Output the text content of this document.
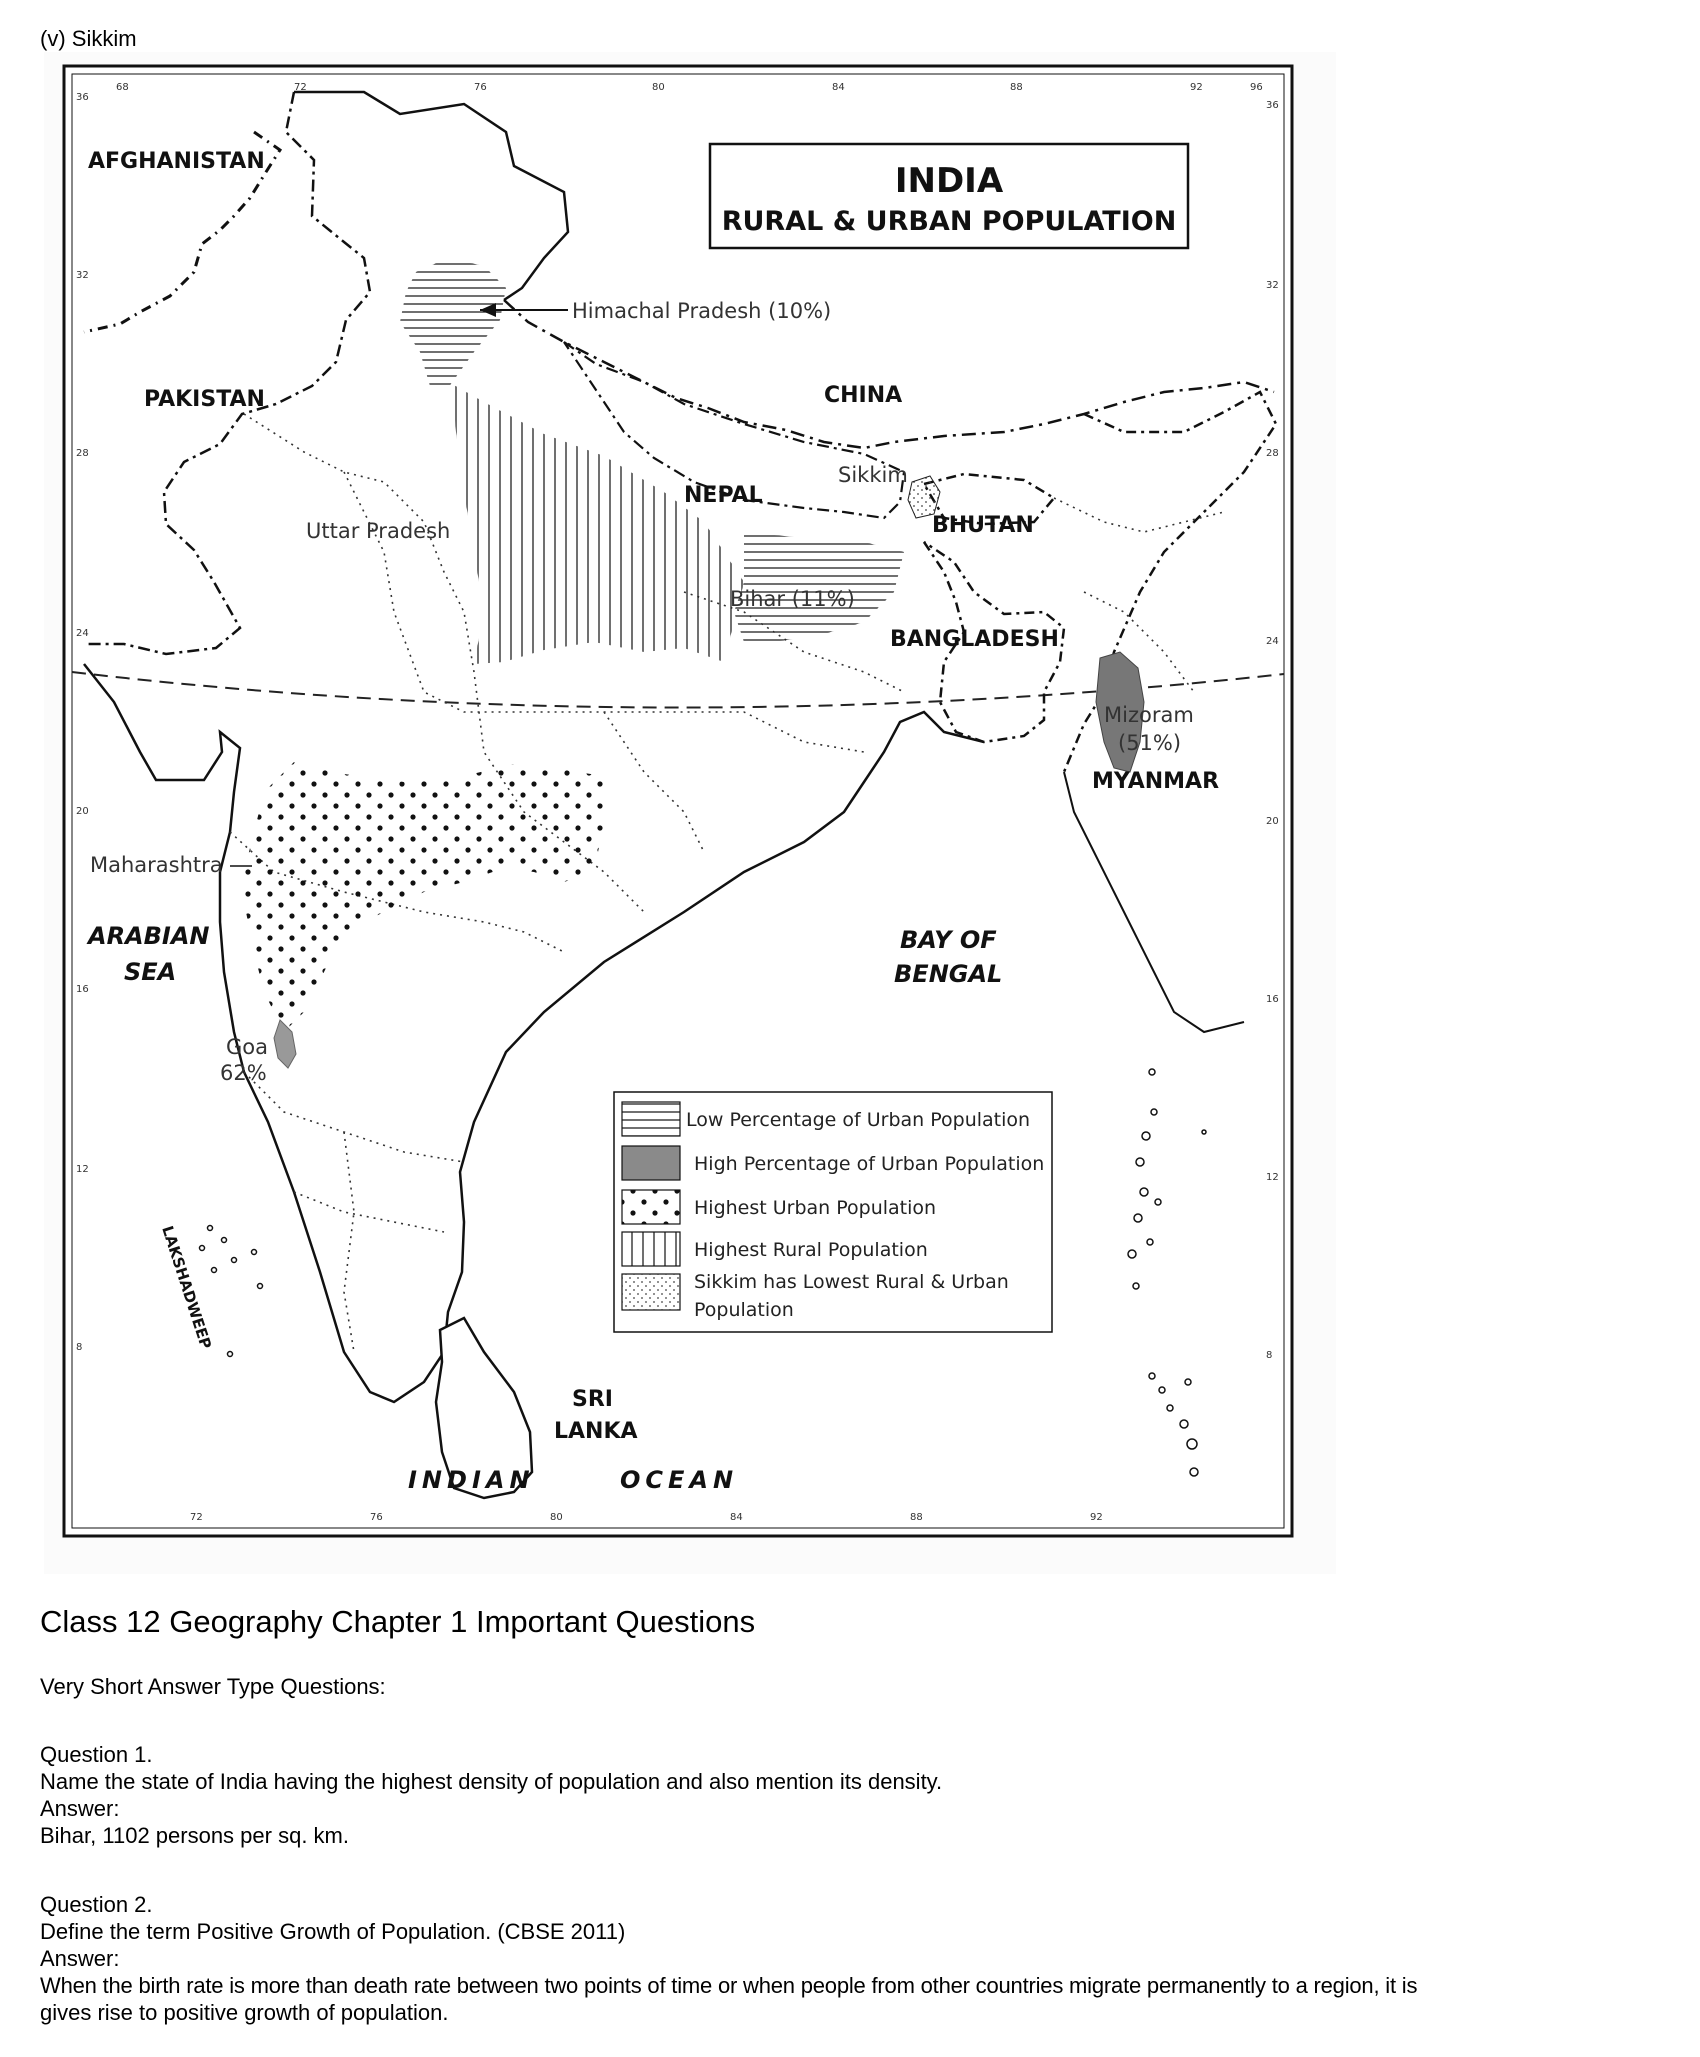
(v) Sikkim
INDIA
RURAL & URBAN POPULATION
AFGHANISTAN
PAKISTAN	CHINA
NEPAL
BHUTAN
BANGLADESH
MYANMAR
SRI
LANKA
ARABIAN
SEA
BAY OF
BENGAL
INDIAN	OCEAN
LAKSHADWEEP
Himachal Pradesh (10%)
Uttar Pradesh
Sikkim
Bihar (11%)
Mizoram
(51%)
Maharashtra
Goa
62%
36
32
28
24
20
16
12
8
36
32
28
24
20
16
12
8
68	72	76	80	84	88	92	96
72	76	80	84	88	92
Low Percentage of Urban Population
High Percentage of Urban Population
Highest Urban Population
Highest Rural Population
Sikkim has Lowest Rural & Urban
Population
Class 12 Geography Chapter 1 Important Questions
Very Short Answer Type Questions:
Question 1.
Name the state of India having the highest density of population and also mention its density.
Answer:
Bihar, 1102 persons per sq. km.
Question 2.
Define the term Positive Growth of Population. (CBSE 2011)
Answer:
When the birth rate is more than death rate between two points of time or when people from other countries migrate permanently to a region, it is
gives rise to positive growth of population.
